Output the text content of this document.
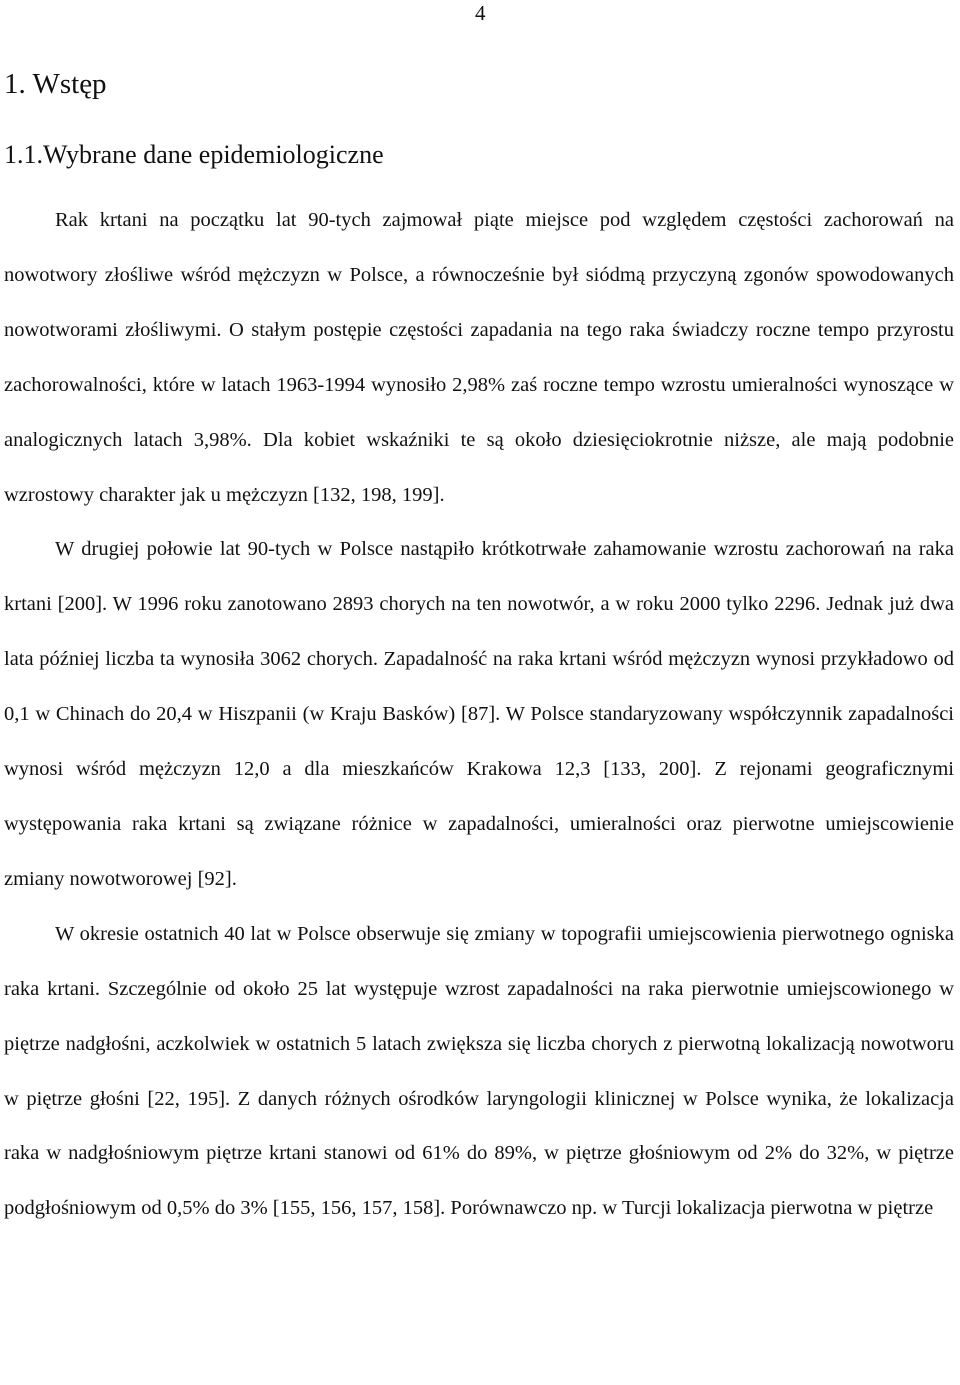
4
1. Wstęp
1.1.Wybrane dane epidemiologiczne

Rak krtani na początku lat 90-tych zajmował piąte miejsce pod względem częstości zachorowań na nowotwory złośliwe wśród mężczyzn w Polsce, a równocześnie był siódmą przyczyną zgonów spowodowanych nowotworami złośliwymi. O stałym postępie częstości zapadania na tego raka świadczy roczne tempo przyrostu zachorowalności, które w latach 1963-1994 wynosiło 2,98% zaś roczne tempo wzrostu umieralności wynoszące w analogicznych latach 3,98%. Dla kobiet wskaźniki te są około dziesięciokrotnie niższe, ale mają podobnie wzrostowy charakter jak u mężczyzn [132, 198, 199].

W drugiej połowie lat 90-tych w Polsce nastąpiło krótkotrwałe zahamowanie wzrostu zachorowań na raka krtani [200]. W 1996 roku zanotowano 2893 chorych na ten nowotwór, a w roku 2000 tylko 2296. Jednak już dwa lata później liczba ta wynosiła 3062 chorych. Zapadalność na raka krtani wśród mężczyzn wynosi przykładowo od 0,1 w Chinach do 20,4 w Hiszpanii (w Kraju Basków) [87]. W Polsce standaryzowany współczynnik zapadalności wynosi wśród mężczyzn 12,0 a dla mieszkańców Krakowa 12,3 [133, 200]. Z rejonami geograficznymi występowania raka krtani są związane różnice w zapadalności, umieralności oraz pierwotne umiejscowienie zmiany nowotworowej [92].

W okresie ostatnich 40 lat w Polsce obserwuje się zmiany w topografii umiejscowienia pierwotnego ogniska raka krtani. Szczególnie od około 25 lat występuje wzrost zapadalności na raka pierwotnie umiejscowionego w piętrze nadgłośni, aczkolwiek w ostatnich 5 latach zwiększa się liczba chorych z pierwotną lokalizacją nowotworu w piętrze głośni [22, 195]. Z danych różnych ośrodków laryngologii klinicznej w Polsce wynika, że lokalizacja raka w nadgłośniowym piętrze krtani stanowi od 61% do 89%, w piętrze głośniowym od 2% do 32%, w piętrze podgłośniowym od 0,5% do 3% [155, 156, 157, 158]. Porównawczo np. w Turcji lokalizacja pierwotna w piętrze
